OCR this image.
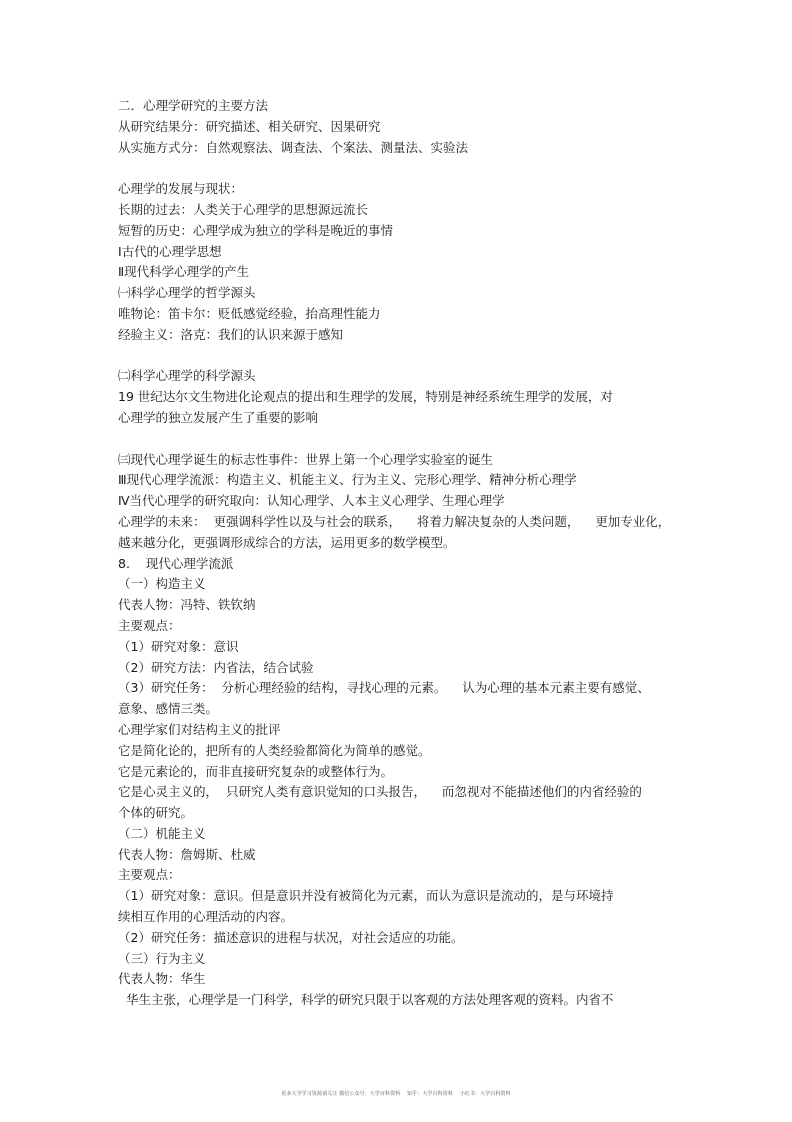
二．心理学研究的主要方法
从研究结果分：研究描述、相关研究、因果研究
从实施方式分：自然观察法、调查法、个案法、测量法、实验法
心理学的发展与现状：
长期的过去：人类关于心理学的思想源远流长
短暂的历史：心理学成为独立的学科是晚近的事情
Ⅰ古代的心理学思想
Ⅱ现代科学心理学的产生
㈠科学心理学的哲学源头
唯物论：笛卡尔：贬低感觉经验，抬高理性能力
经验主义：洛克：我们的认识来源于感知
㈡科学心理学的科学源头
19 世纪达尔文生物进化论观点的提出和生理学的发展，特别是神经系统生理学的发展，对
心理学的独立发展产生了重要的影响
㈢现代心理学诞生的标志性事件：世界上第一个心理学实验室的诞生
Ⅲ现代心理学流派：构造主义、机能主义、行为主义、完形心理学、精神分析心理学
Ⅳ当代心理学的研究取向：认知心理学、人本主义心理学、生理心理学
心理学的未来：  更强调科学性以及与社会的联系，    将着力解决复杂的人类问题，    更加专业化，
越来越分化，更强调形成综合的方法，运用更多的数学模型。
8.    现代心理学流派
（一）构造主义
代表人物：冯特、铁钦纳
主要观点：
（1）研究对象：意识
（2）研究方法：内省法，结合试验
（3）研究任务：  分析心理经验的结构，寻找心理的元素。    认为心理的基本元素主要有感觉、
意象、感情三类。
心理学家们对结构主义的批评
它是简化论的，把所有的人类经验都简化为简单的感觉。
它是元素论的，而非直接研究复杂的或整体行为。
它是心灵主义的，  只研究人类有意识觉知的口头报告，    而忽视对不能描述他们的内省经验的
个体的研究。
（二）机能主义
代表人物：詹姆斯、杜威
主要观点：
（1）研究对象：意识。但是意识并没有被简化为元素，而认为意识是流动的，是与环境持
续相互作用的心理活动的内容。
（2）研究任务：描述意识的进程与状况，对社会适应的功能。
（三）行为主义
代表人物：华生
华生主张，心理学是一门科学，科学的研究只限于以客观的方法处理客观的资料。内省不
更多大学学习资源请关注 微信公众号：大学百科资料    知乎：大学百科资料    小红书：大学百科资料
